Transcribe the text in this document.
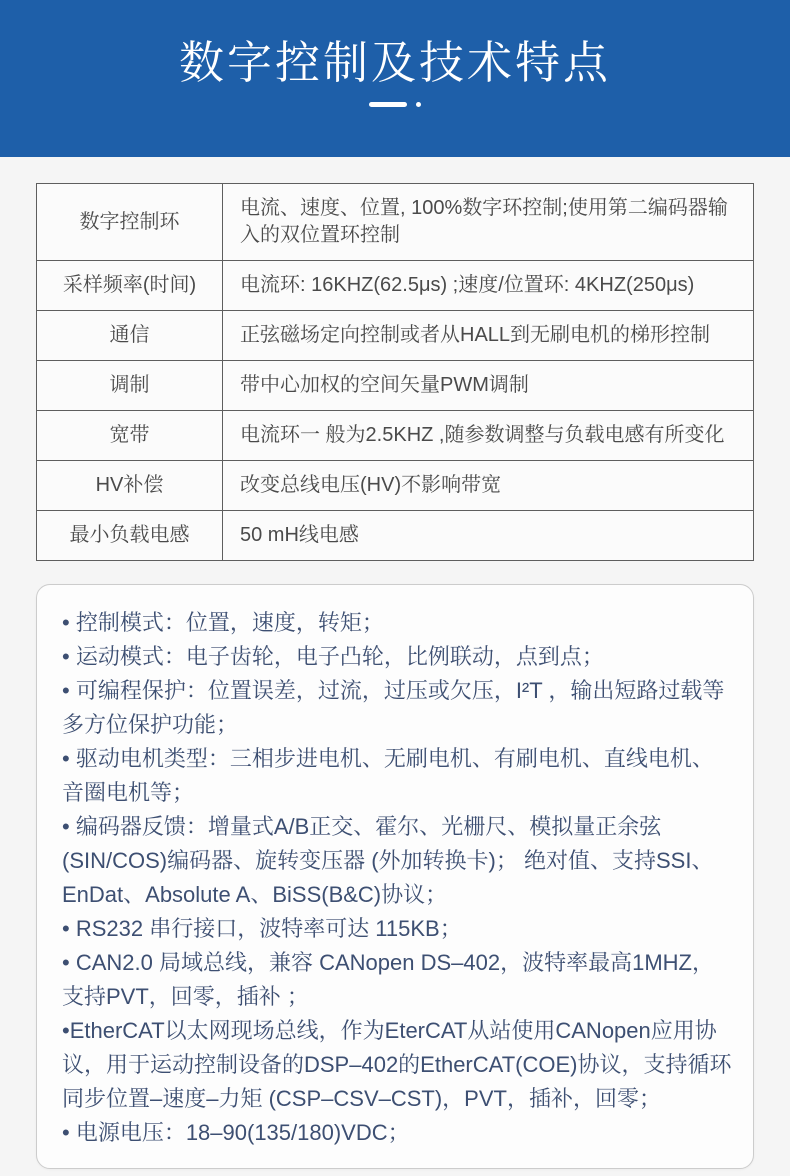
数字控制及技术特点
数字控制环	电流、速度、位置, 100%数字环控制;使用第二编码器输入的双位置环控制
采样频率(时间)	电流环: 16KHZ(62.5μs) ;速度/位置环: 4KHZ(250μs)
通信	正弦磁场定向控制或者从HALL到无刷电机的梯形控制
调制	带中心加权的空间矢量PWM调制
宽带	电流环一 般为2.5KHZ ,随参数调整与负载电感有所变化
HV补偿	改变总线电压(HV)不影响带宽
最小负载电感	50 mH线电感
• 控制模式：位置，速度，转矩；
• 运动模式：电子齿轮，电子凸轮，比例联动，点到点；
• 可编程保护：位置误差，过流，过压或欠压，I²T ，输出短路过载等多方位保护功能；
• 驱动电机类型：三相步进电机、无刷电机、有刷电机、直线电机、音圈电机等；
• 编码器反馈：增量式A/B正交、霍尔、光栅尺、模拟量正余弦(SIN/COS)编码器、旋转变压器 (外加转换卡)； 绝对值、支持SSI、EnDat、Absolute A、BiSS(B&C)协议；
• RS232 串行接口，波特率可达 115KB；
• CAN2.0 局域总线，兼容 CANopen DS–402，波特率最高1MHZ，支持PVT，回零，插补 ；
•EtherCAT以太网现场总线，作为EterCAT从站使用CANopen应用协议，用于运动控制设备的DSP–402的EtherCAT(COE)协议，支持循环同步位置–速度–力矩 (CSP–CSV–CST)，PVT，插补，回零；
• 电源电压：18–90(135/180)VDC；
